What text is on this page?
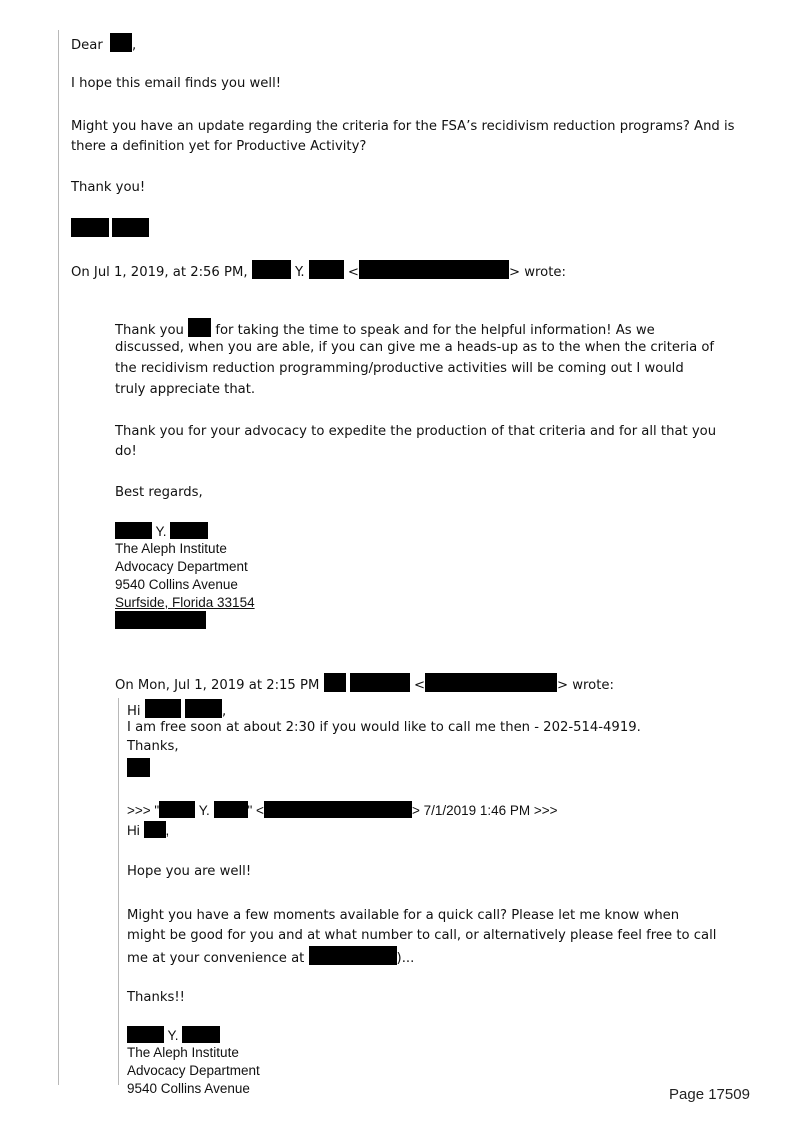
Dear ,
I hope this email finds you well!
Might you have an update regarding the criteria for the FSA’s recidivism reduction programs? And is
there a definition yet for Productive Activity?
Thank you!
On Jul 1, 2019, at 2:56 PM,	Y.	<	> wrote:
Thank you for taking the time to speak and for the helpful information! As we
discussed, when you are able, if you can give me a heads-up as to the when the criteria of
the recidivism reduction programming/productive activities will be coming out I would
truly appreciate that.
Thank you for your advocacy to expedite the production of that criteria and for all that you
do!
Best regards,
Y.
The Aleph Institute
Advocacy Department
9540 Collins Avenue
Surfside, Florida 33154
On Mon, Jul 1, 2019 at 2:15 PM	<	> wrote:
Hi	,
I am free soon at about 2:30 if you would like to call me then - 202-514-4919.
Thanks,
>>> "	Y.	" <	> 7/1/2019 1:46 PM >>>
Hi ,
Hope you are well!
Might you have a few moments available for a quick call? Please let me know when
might be good for you and at what number to call, or alternatively please feel free to call
me at your convenience at	)...
Thanks!!
Y.
The Aleph Institute
Advocacy Department
9540 Collins Avenue	Page 17509
